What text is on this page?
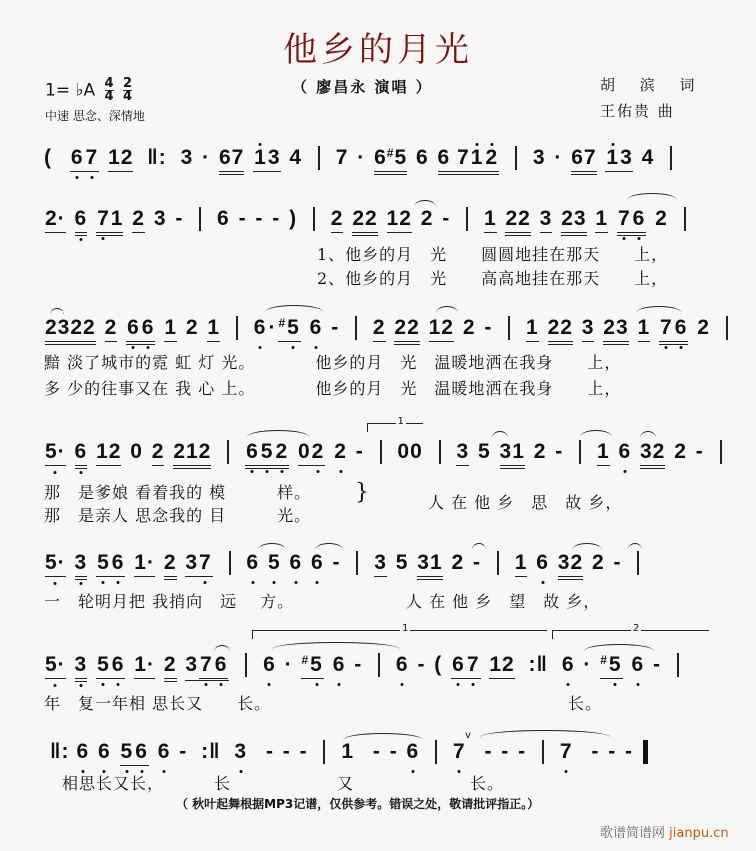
他乡的月光
（ 廖昌永 演唱 ）	胡 滨 词
王佑贵 曲
1= ♭A $\frac{4}{4}$
$\frac{2}{4}$
中速 思念、深情地
( 67 12 ‖: 3 · 67 13 4 7 · 6#5 6 6 712 3 · 67 13 4
2· 6 71 2 3 - 6 - - - ) 2 22 12 2 - 1 22 3 23 1 76 2
1、他乡的月　光　　圆圆地挂在那天　　上，
2、他乡的月　光　　高高地挂在那天　　上，
2322 2 66 1 2 1 6· #5 6 - 2 22 12 2 - 1 22 3 23 1 76 2
黯 淡了城市的霓 虹 灯 光。　　　　他乡的月　光　温暖地洒在我身　　上，
多 少的往事又在 我 心 上。　　　　他乡的月　光　温暖地洒在我身　　上，
1
5· 6 12 0 2 212 652 02 2 - 00 3 5 31 2 - 1 6 32 2 -
那　是爹娘 看着我的 模　　　样。
那　是亲人 思念我的 目　　　光。
}	人 在 他 乡　思　故 乡，
5· 3 56 1· 2 37 6 5 6 6 - 3 5 31 2 - 1 6 32 2 -
一　轮明月把 我捎向　远　 方。	人 在 他 乡　望　故 乡，
1	2
5· 3 56 1· 2 376 6 · #5 6 - 6 - ( 67 12 :‖ 6 · #5 6 -
年　复一年相 思长又　　长。	长。
‖: 6 6 56 6 - :‖ 3 - - - 1 - - 6 7 - - - 7 - - -
v
相思长又长，	长	又	长。
（ 秋叶起舞根据MP3记谱，仅供参考。错误之处，敬请批评指正。）
歌谱简谱网 jianpu.cn
